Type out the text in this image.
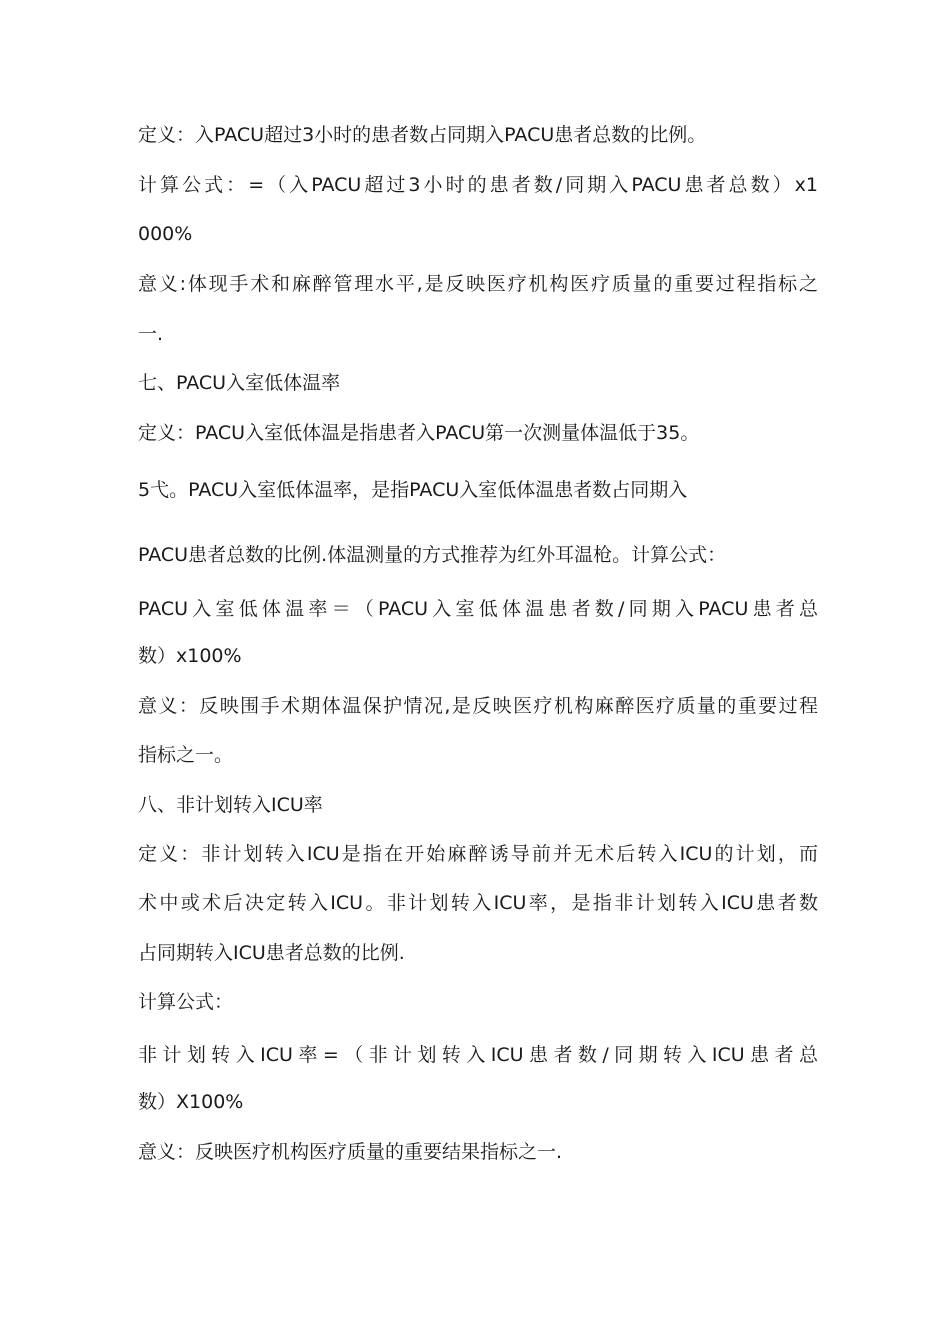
定义：入PACU超过3小时的患者数占同期入PACU患者总数的比例。
计算公式：=（入PACU超过3小时的患者数/同期入PACU患者总数）x1
000%
意义:体现手术和麻醉管理水平,是反映医疗机构医疗质量的重要过程指标之
一.
七、PACU入室低体温率
定义：PACU入室低体温是指患者入PACU第一次测量体温低于35。
5弋。PACU入室低体温率，是指PACU入室低体温患者数占同期入
PACU患者总数的比例.体温测量的方式推荐为红外耳温枪。计算公式：
PACU入室低体温率＝（PACU入室低体温患者数/同期入PACU患者总
数）x100%
意义：反映围手术期体温保护情况,是反映医疗机构麻醉医疗质量的重要过程
指标之一。
八、非计划转入ICU率
定义：非计划转入ICU是指在开始麻醉诱导前并无术后转入ICU的计划，而
术中或术后决定转入ICU。非计划转入ICU率，是指非计划转入ICU患者数
占同期转入ICU患者总数的比例.
计算公式：
非计划转入ICU率=（非计划转入ICU患者数/同期转入ICU患者总
数）X100%
意义：反映医疗机构医疗质量的重要结果指标之一.
